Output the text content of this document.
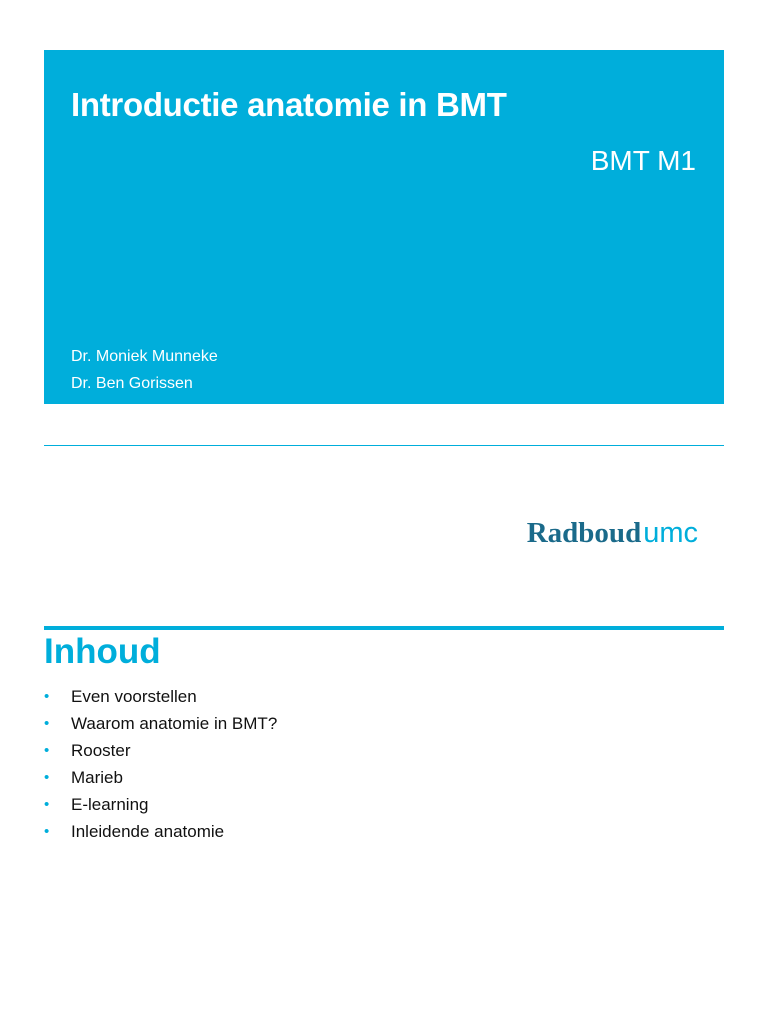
Introductie anatomie in BMT
BMT M1
Dr. Moniek Munneke
Dr. Ben Gorissen
Radboudumc
Inhoud
• Even voorstellen
• Waarom anatomie in BMT?
• Rooster
• Marieb
• E-learning
• Inleidende anatomie
